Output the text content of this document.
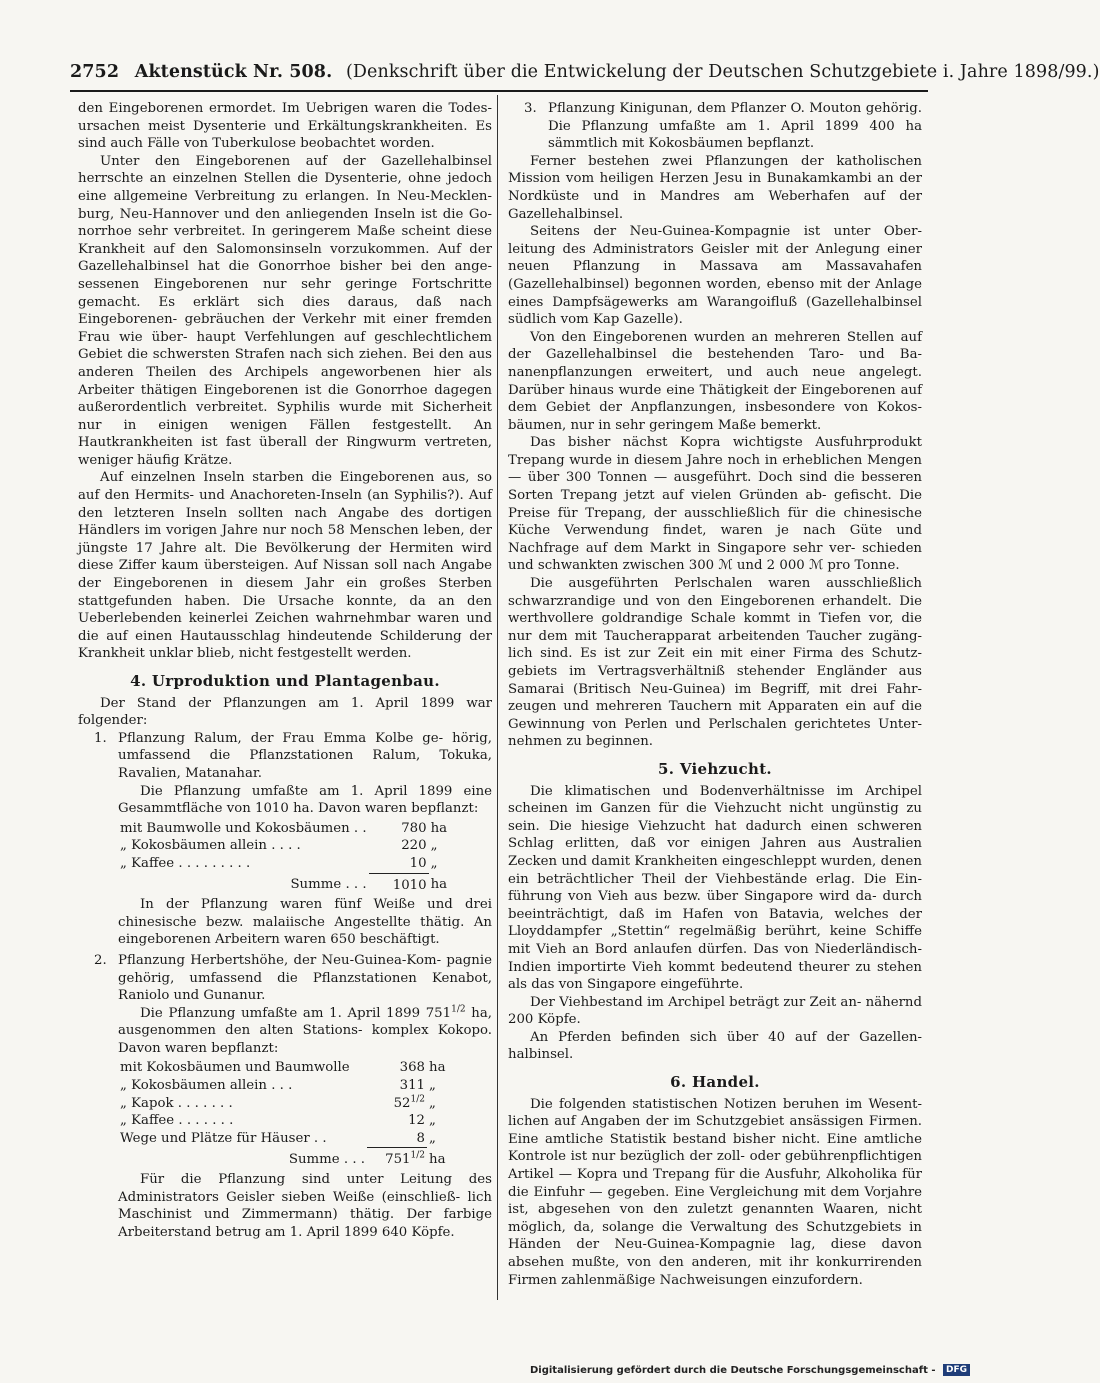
2752 Aktenstück Nr. 508. (Denkschrift über die Entwickelung der Deutschen Schutzgebiete i. Jahre 1898/99.)

den Eingeborenen ermordet. Im Uebrigen waren die Todes- ursachen meist Dysenterie und Erkältungskrankheiten. Es sind auch Fälle von Tuberkulose beobachtet worden.

Unter den Eingeborenen auf der Gazellehalbinsel herrschte an einzelnen Stellen die Dysenterie, ohne jedoch eine allgemeine Verbreitung zu erlangen. In Neu-Mecklen- burg, Neu-Hannover und den anliegenden Inseln ist die Go- norrhoe sehr verbreitet. In geringerem Maße scheint diese Krankheit auf den Salomonsinseln vorzukommen. Auf der Gazellehalbinsel hat die Gonorrhoe bisher bei den ange- sessenen Eingeborenen nur sehr geringe Fortschritte gemacht. Es erklärt sich dies daraus, daß nach Eingeborenen- gebräuchen der Verkehr mit einer fremden Frau wie über- haupt Verfehlungen auf geschlechtlichem Gebiet die schwersten Strafen nach sich ziehen. Bei den aus anderen Theilen des Archipels angeworbenen hier als Arbeiter thätigen Eingeborenen ist die Gonorrhoe dagegen außerordentlich verbreitet. Syphilis wurde mit Sicherheit nur in einigen wenigen Fällen festgestellt. An Hautkrankheiten ist fast überall der Ringwurm vertreten, weniger häufig Krätze.

Auf einzelnen Inseln starben die Eingeborenen aus, so auf den Hermits- und Anachoreten-Inseln (an Syphilis?). Auf den letzteren Inseln sollten nach Angabe des dortigen Händlers im vorigen Jahre nur noch 58 Menschen leben, der jüngste 17 Jahre alt. Die Bevölkerung der Hermiten wird diese Ziffer kaum übersteigen. Auf Nissan soll nach Angabe der Eingeborenen in diesem Jahr ein großes Sterben stattgefunden haben. Die Ursache konnte, da an den Ueberlebenden keinerlei Zeichen wahrnehmbar waren und die auf einen Hautausschlag hindeutende Schilderung der Krankheit unklar blieb, nicht festgestellt werden.

4. Urproduktion und Plantagenbau.

Der Stand der Pflanzungen am 1. April 1899 war folgender:

1. Pflanzung Ralum, der Frau Emma Kolbe ge- hörig, umfassend die Pflanzstationen Ralum, Tokuka, Ravalien, Matanahar.

Die Pflanzung umfaßte am 1. April 1899 eine Gesammtfläche von 1010 ha. Davon waren bepflanzt:

mit Baumwolle und Kokosbäumen . .	780	ha
„ Kokosbäumen allein . . . .	220	„
„ Kaffee . . . . . . . . .	10	„
Summe . . .	1010	ha

In der Pflanzung waren fünf Weiße und drei chinesische bezw. malaiische Angestellte thätig. An eingeborenen Arbeitern waren 650 beschäftigt.

2. Pflanzung Herbertshöhe, der Neu-Guinea-Kom- pagnie gehörig, umfassend die Pflanzstationen Kenabot, Raniolo und Gunanur.

Die Pflanzung umfaßte am 1. April 1899 $751^{1/2}$ ha, ausgenommen den alten Stations- komplex Kokopo. Davon waren bepflanzt:

mit Kokosbäumen und Baumwolle	368	ha
„ Kokosbäumen allein . . .	311	„
„ Kapok . . . . . . .	$52^{1/2}$	„
„ Kaffee . . . . . . .	12	„
Wege und Plätze für Häuser . .	8	„
Summe . . .	$751^{1/2}$	ha

Für die Pflanzung sind unter Leitung des Administrators Geisler sieben Weiße (einschließ- lich Maschinist und Zimmermann) thätig. Der farbige Arbeiterstand betrug am 1. April 1899 640 Köpfe.

3. Pflanzung Kinigunan, dem Pflanzer O. Mouton gehörig. Die Pflanzung umfaßte am 1. April 1899 400 ha sämmtlich mit Kokosbäumen bepflanzt.

Ferner bestehen zwei Pflanzungen der katholischen Mission vom heiligen Herzen Jesu in Bunakamkambi an der Nordküste und in Mandres am Weberhafen auf der Gazellehalbinsel.

Seitens der Neu-Guinea-Kompagnie ist unter Ober- leitung des Administrators Geisler mit der Anlegung einer neuen Pflanzung in Massava am Massavahafen (Gazellehalbinsel) begonnen worden, ebenso mit der Anlage eines Dampfsägewerks am Warangoifluß (Gazellehalbinsel südlich vom Kap Gazelle).

Von den Eingeborenen wurden an mehreren Stellen auf der Gazellehalbinsel die bestehenden Taro- und Ba- nanenpflanzungen erweitert, und auch neue angelegt. Darüber hinaus wurde eine Thätigkeit der Eingeborenen auf dem Gebiet der Anpflanzungen, insbesondere von Kokos- bäumen, nur in sehr geringem Maße bemerkt.

Das bisher nächst Kopra wichtigste Ausfuhrprodukt Trepang wurde in diesem Jahre noch in erheblichen Mengen — über 300 Tonnen — ausgeführt. Doch sind die besseren Sorten Trepang jetzt auf vielen Gründen ab- gefischt. Die Preise für Trepang, der ausschließlich für die chinesische Küche Verwendung findet, waren je nach Güte und Nachfrage auf dem Markt in Singapore sehr ver- schieden und schwankten zwischen 300 ℳ und 2 000 ℳ pro Tonne.

Die ausgeführten Perlschalen waren ausschließlich schwarzrandige und von den Eingeborenen erhandelt. Die werthvollere goldrandige Schale kommt in Tiefen vor, die nur dem mit Taucherapparat arbeitenden Taucher zugäng- lich sind. Es ist zur Zeit ein mit einer Firma des Schutz- gebiets im Vertragsverhältniß stehender Engländer aus Samarai (Britisch Neu-Guinea) im Begriff, mit drei Fahr- zeugen und mehreren Tauchern mit Apparaten ein auf die Gewinnung von Perlen und Perlschalen gerichtetes Unter- nehmen zu beginnen.

5. Viehzucht.

Die klimatischen und Bodenverhältnisse im Archipel scheinen im Ganzen für die Viehzucht nicht ungünstig zu sein. Die hiesige Viehzucht hat dadurch einen schweren Schlag erlitten, daß vor einigen Jahren aus Australien Zecken und damit Krankheiten eingeschleppt wurden, denen ein beträchtlicher Theil der Viehbestände erlag. Die Ein- führung von Vieh aus bezw. über Singapore wird da- durch beeinträchtigt, daß im Hafen von Batavia, welches der Lloyddampfer „Stettin“ regelmäßig berührt, keine Schiffe mit Vieh an Bord anlaufen dürfen. Das von Niederländisch-Indien importirte Vieh kommt bedeutend theurer zu stehen als das von Singapore eingeführte.

Der Viehbestand im Archipel beträgt zur Zeit an- nähernd 200 Köpfe.

An Pferden befinden sich über 40 auf der Gazellen- halbinsel.

6. Handel.

Die folgenden statistischen Notizen beruhen im Wesent- lichen auf Angaben der im Schutzgebiet ansässigen Firmen. Eine amtliche Statistik bestand bisher nicht. Eine amtliche Kontrole ist nur bezüglich der zoll- oder gebührenpflichtigen Artikel — Kopra und Trepang für die Ausfuhr, Alkoholika für die Einfuhr — gegeben. Eine Vergleichung mit dem Vorjahre ist, abgesehen von den zuletzt genannten Waaren, nicht möglich, da, solange die Verwaltung des Schutzgebiets in Händen der Neu-Guinea-Kompagnie lag, diese davon absehen mußte, von den anderen, mit ihr konkurrirenden Firmen zahlenmäßige Nachweisungen einzufordern.

Digitalisierung gefördert durch die Deutsche Forschungsgemeinschaft - DFG
